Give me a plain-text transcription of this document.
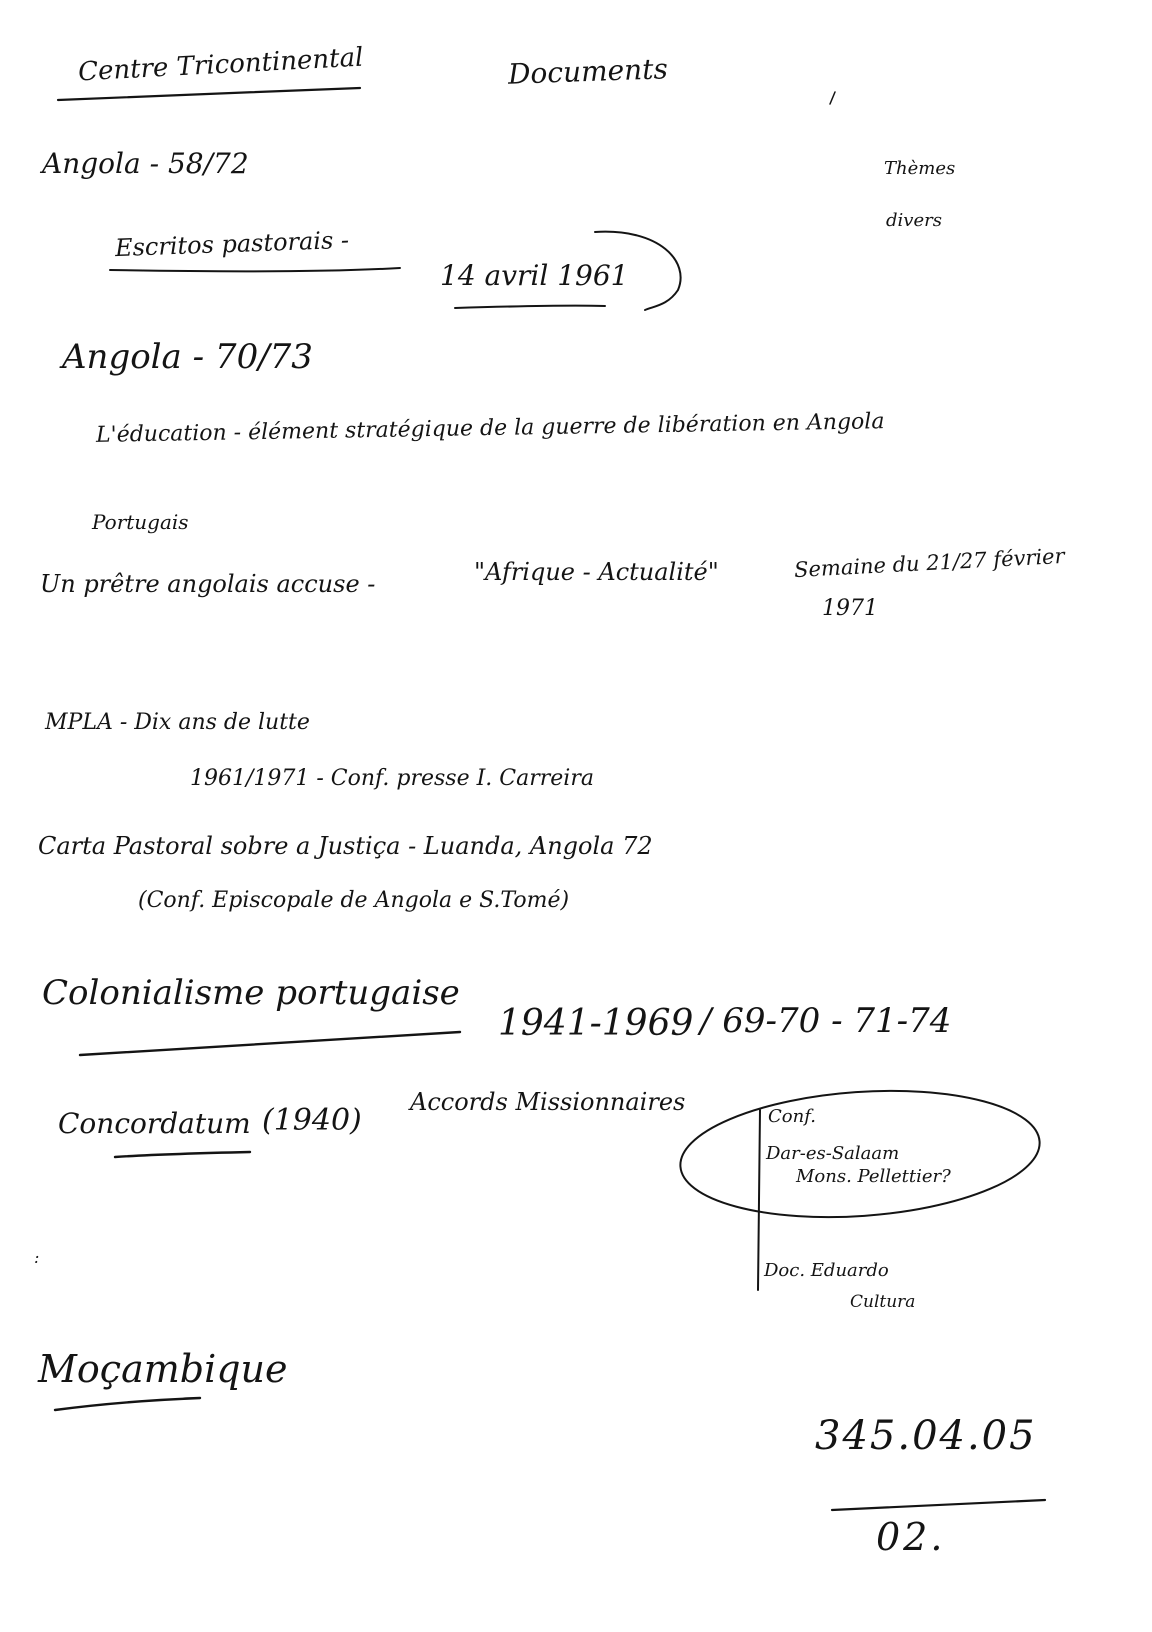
Centre Tricontinental	Documents
Thèmes
divers
Angola - 58/72
Escritos pastorais -
14 avril 1961
Angola - 70/73
L'éducation - élément stratégique de la guerre de libération en Angola
Portugais
Un prêtre angolais accuse -	"Afrique - Actualité"	Semaine du 21/27 février
1971
MPLA - Dix ans de lutte
1961/1971 - Conf. presse I. Carreira
Carta Pastoral sobre a Justiça - Luanda, Angola 72
(Conf. Episcopale de Angola e S.Tomé)
Colonialisme portugaise
1941-1969 / 69-70 - 71-74
Concordatum (1940)
Accords Missionnaires
Conf.
Dar-es-Salaam
Mons. Pellettier?
Doc. Eduardo
Cultura
:
Moçambique
345.04.05
02.
